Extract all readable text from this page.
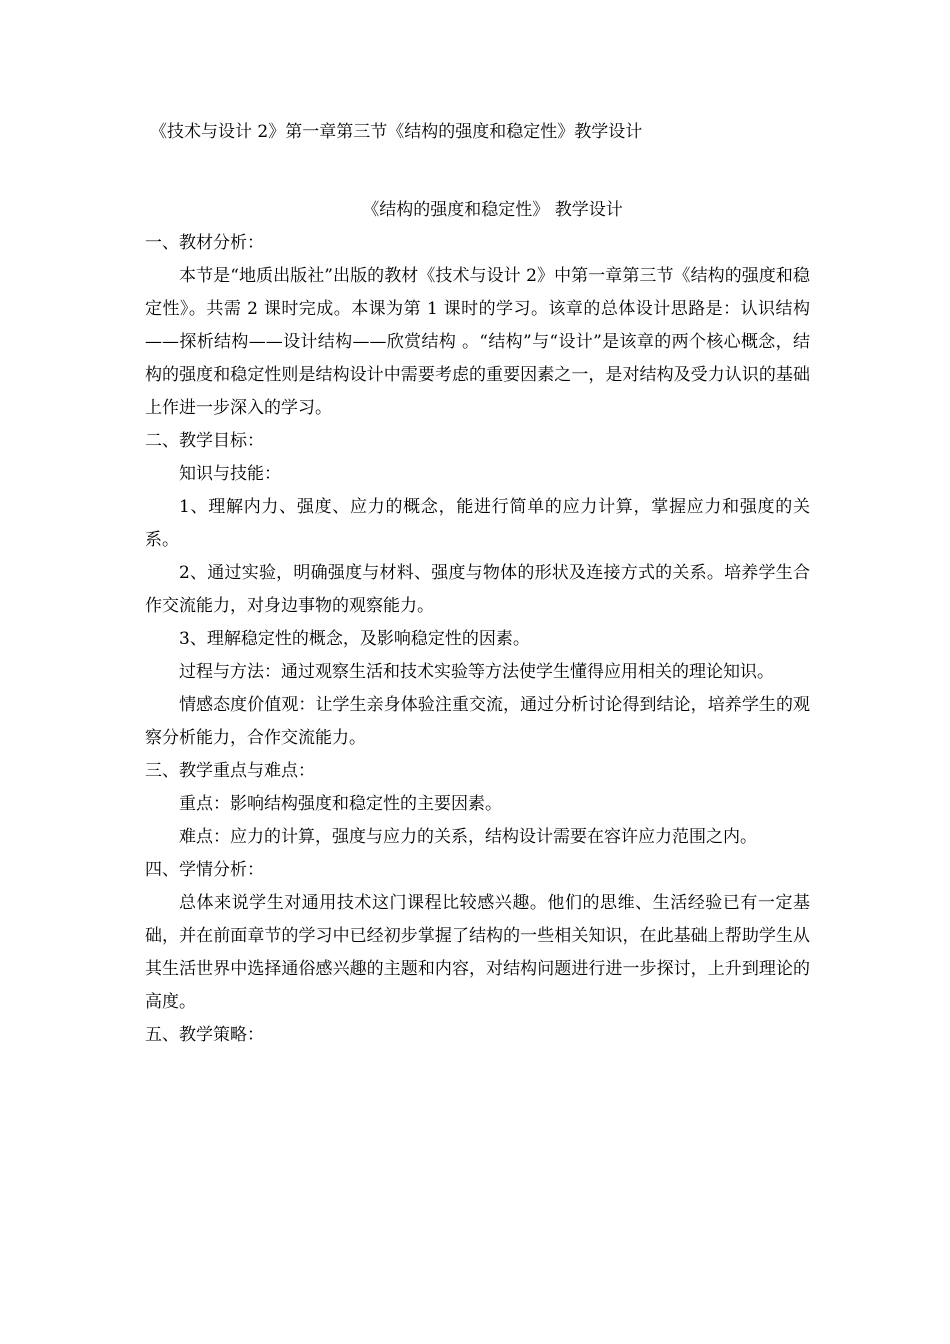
《技术与设计 2》第一章第三节《结构的强度和稳定性》教学设计

《结构的强度和稳定性》 教学设计

一、教材分析：

本节是“地质出版社”出版的教材《技术与设计 2》中第一章第三节《结构的强度和稳定性》。共需 2 课时完成。本课为第 1 课时的学习。该章的总体设计思路是：认识结构——探析结构——设计结构——欣赏结构 。“结构”与“设计”是该章的两个核心概念，结构的强度和稳定性则是结构设计中需要考虑的重要因素之一，是对结构及受力认识的基础上作进一步深入的学习。

二、教学目标：

知识与技能：

1、理解内力、强度、应力的概念，能进行简单的应力计算，掌握应力和强度的关系。

2、通过实验，明确强度与材料、强度与物体的形状及连接方式的关系。培养学生合作交流能力，对身边事物的观察能力。

3、理解稳定性的概念，及影响稳定性的因素。

过程与方法：通过观察生活和技术实验等方法使学生懂得应用相关的理论知识。

情感态度价值观：让学生亲身体验注重交流，通过分析讨论得到结论，培养学生的观察分析能力，合作交流能力。

三、教学重点与难点：

重点：影响结构强度和稳定性的主要因素。

难点：应力的计算，强度与应力的关系，结构设计需要在容许应力范围之内。

四、学情分析：

总体来说学生对通用技术这门课程比较感兴趣。他们的思维、生活经验已有一定基础，并在前面章节的学习中已经初步掌握了结构的一些相关知识，在此基础上帮助学生从其生活世界中选择通俗感兴趣的主题和内容，对结构问题进行进一步探讨，上升到理论的高度。

五、教学策略：
